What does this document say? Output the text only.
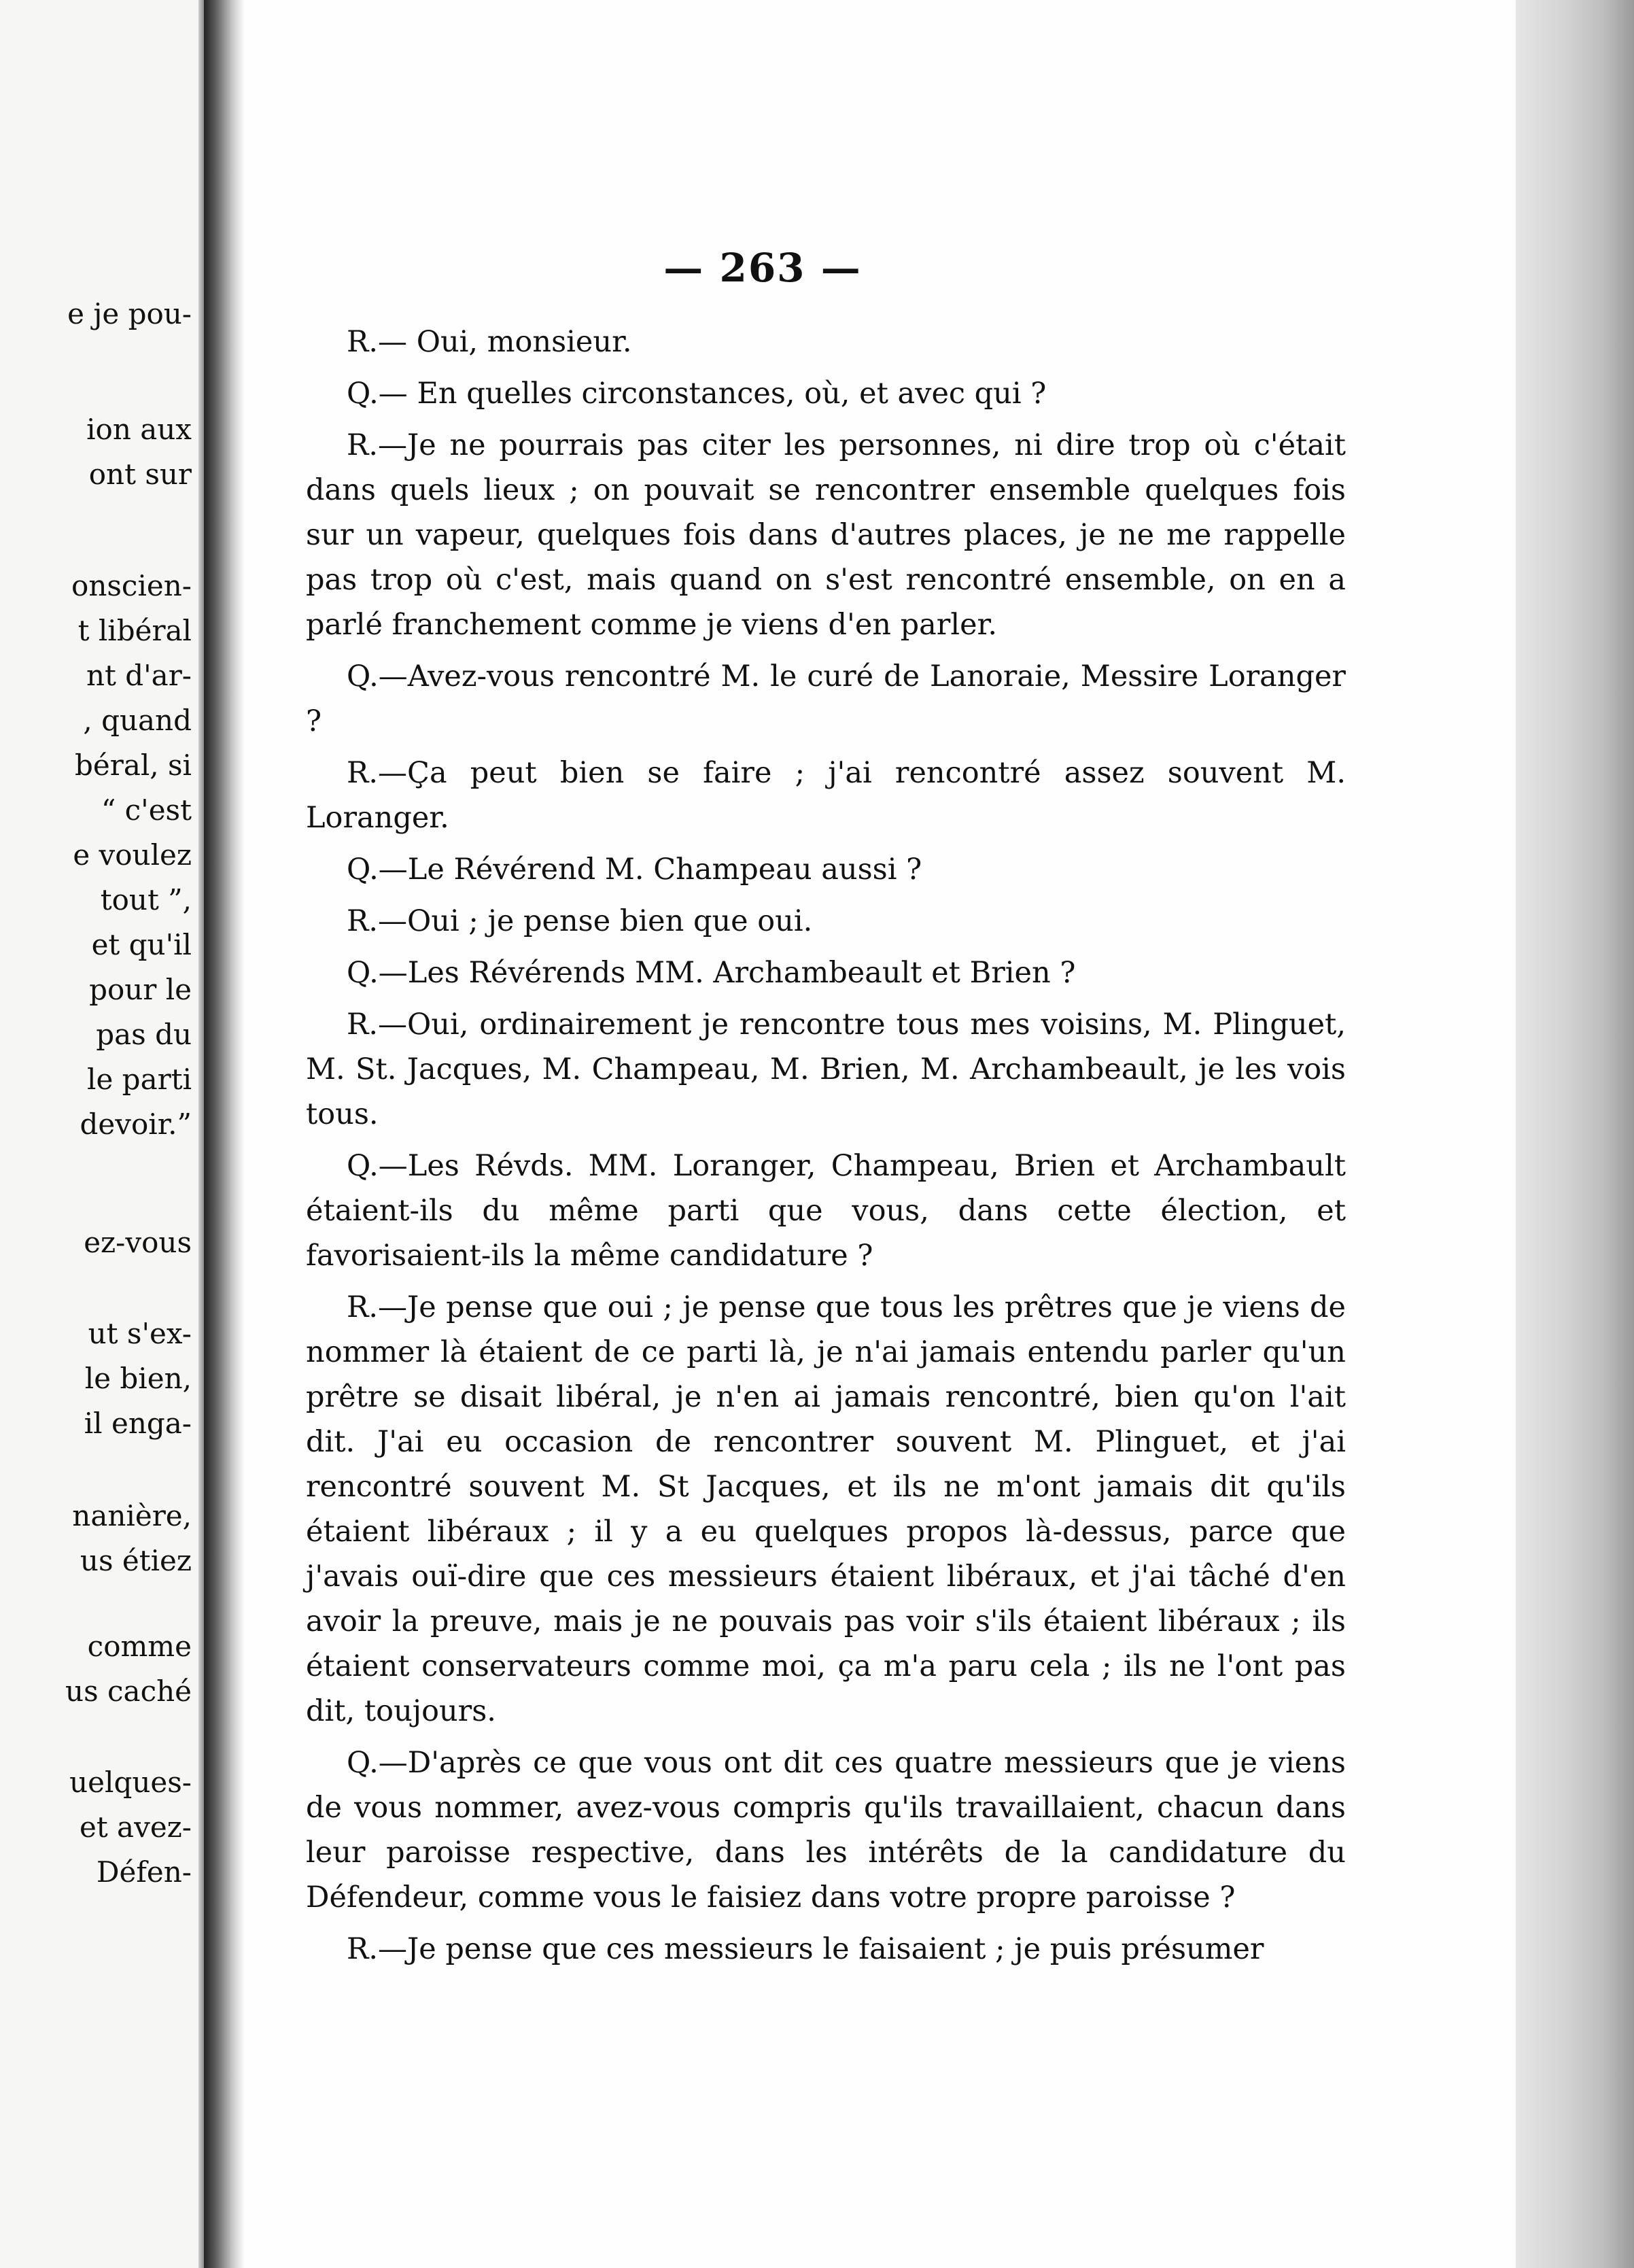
e je pou-
ion aux
ont sur
onscien-
t libéral
nt d'ar-
, quand
béral, si
“ c'est
e voulez
tout ”,
et qu'il
pour le
pas du
le parti
devoir.”
ez-vous
ut s'ex-
le bien,
il enga-
nanière,
us étiez
comme
us caché
uelques-
et avez-
Défen-
— 263 —

R.— Oui, monsieur.

Q.— En quelles circonstances, où, et avec qui ?

R.—Je ne pourrais pas citer les personnes, ni dire trop où c'était dans quels lieux ; on pouvait se rencontrer ensemble quelques fois sur un vapeur, quelques fois dans d'autres places, je ne me rappelle pas trop où c'est, mais quand on s'est rencontré ensemble, on en a parlé franchement comme je viens d'en parler.

Q.—Avez-vous rencontré M. le curé de Lanoraie, Messire Loranger ?

R.—Ça peut bien se faire ; j'ai rencontré assez souvent M. Loranger.

Q.—Le Révérend M. Champeau aussi ?

R.—Oui ; je pense bien que oui.

Q.—Les Révérends MM. Archambeault et Brien ?

R.—Oui, ordinairement je rencontre tous mes voisins, M. Plinguet, M. St. Jacques, M. Champeau, M. Brien, M. Archambeault, je les vois tous.

Q.—Les Révds. MM. Loranger, Champeau, Brien et Archambault étaient-ils du même parti que vous, dans cette élection, et favorisaient-ils la même candidature ?

R.—Je pense que oui ; je pense que tous les prêtres que je viens de nommer là étaient de ce parti là, je n'ai jamais entendu parler qu'un prêtre se disait libéral, je n'en ai jamais rencontré, bien qu'on l'ait dit. J'ai eu occasion de rencontrer souvent M. Plinguet, et j'ai rencontré souvent M. St Jacques, et ils ne m'ont jamais dit qu'ils étaient libéraux ; il y a eu quelques propos là-dessus, parce que j'avais ouï-dire que ces messieurs étaient libéraux, et j'ai tâché d'en avoir la preuve, mais je ne pouvais pas voir s'ils étaient libéraux ; ils étaient conservateurs comme moi, ça m'a paru cela ; ils ne l'ont pas dit, toujours.

Q.—D'après ce que vous ont dit ces quatre messieurs que je viens de vous nommer, avez-vous compris qu'ils travaillaient, chacun dans leur paroisse respective, dans les intérêts de la candidature du Défendeur, comme vous le faisiez dans votre propre paroisse ?

R.—Je pense que ces messieurs le faisaient ; je puis présumer
